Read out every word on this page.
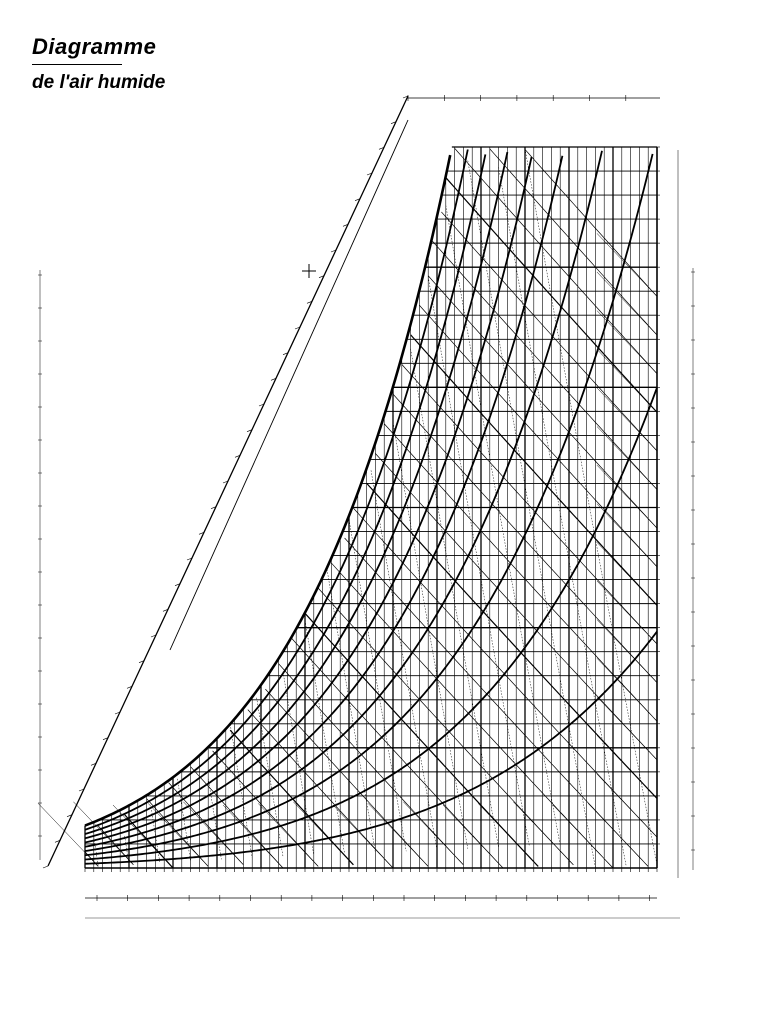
Diagramme
de l'air humide
